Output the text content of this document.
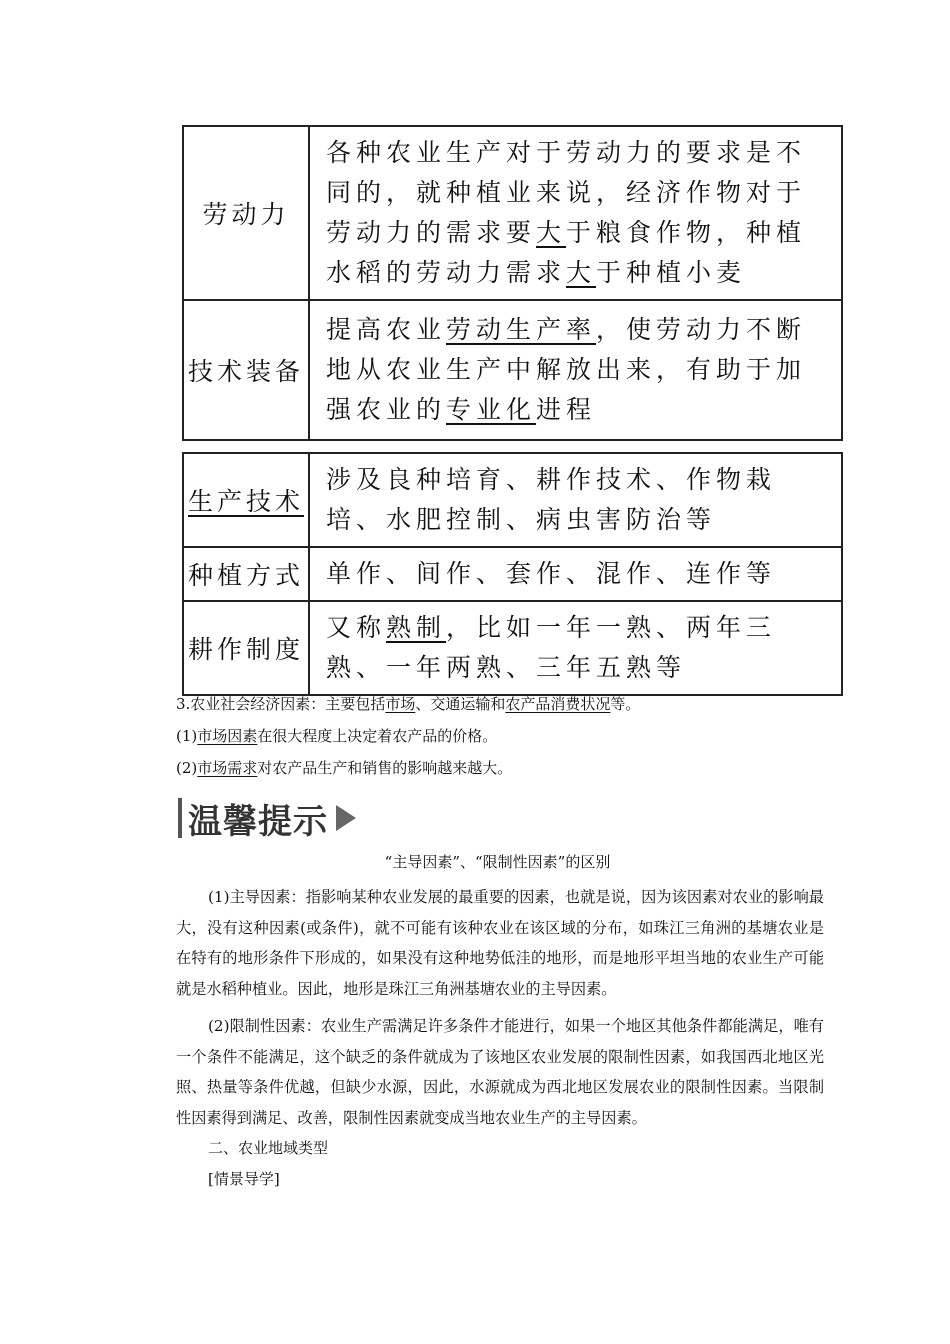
劳动力	各种农业生产对于劳动力的要求是不同的，就种植业来说，经济作物对于劳动力的需求要大于粮食作物，种植水稻的劳动力需求大于种植小麦
技术装备	提高农业劳动生产率，使劳动力不断地从农业生产中解放出来，有助于加强农业的专业化进程
生产技术	涉及良种培育、耕作技术、作物栽培、水肥控制、病虫害防治等
种植方式	单作、间作、套作、混作、连作等
耕作制度	又称熟制，比如一年一熟、两年三熟、一年两熟、三年五熟等
3.农业社会经济因素：主要包括市场、交通运输和农产品消费状况等。
(1)市场因素在很大程度上决定着农产品的价格。
(2)市场需求对农产品生产和销售的影响越来越大。
温馨提示
“主导因素”、“限制性因素”的区别

(1)主导因素：指影响某种农业发展的最重要的因素，也就是说，因为该因素对农业的影响最大，没有这种因素(或条件)，就不可能有该种农业在该区域的分布，如珠江三角洲的基塘农业是在特有的地形条件下形成的，如果没有这种地势低洼的地形，而是地形平坦当地的农业生产可能就是水稻种植业。因此，地形是珠江三角洲基塘农业的主导因素。

(2)限制性因素：农业生产需满足许多条件才能进行，如果一个地区其他条件都能满足，唯有一个条件不能满足，这个缺乏的条件就成为了该地区农业发展的限制性因素，如我国西北地区光照、热量等条件优越，但缺少水源，因此，水源就成为西北地区发展农业的限制性因素。当限制性因素得到满足、改善，限制性因素就变成当地农业生产的主导因素。

二、农业地域类型
[情景导学]
